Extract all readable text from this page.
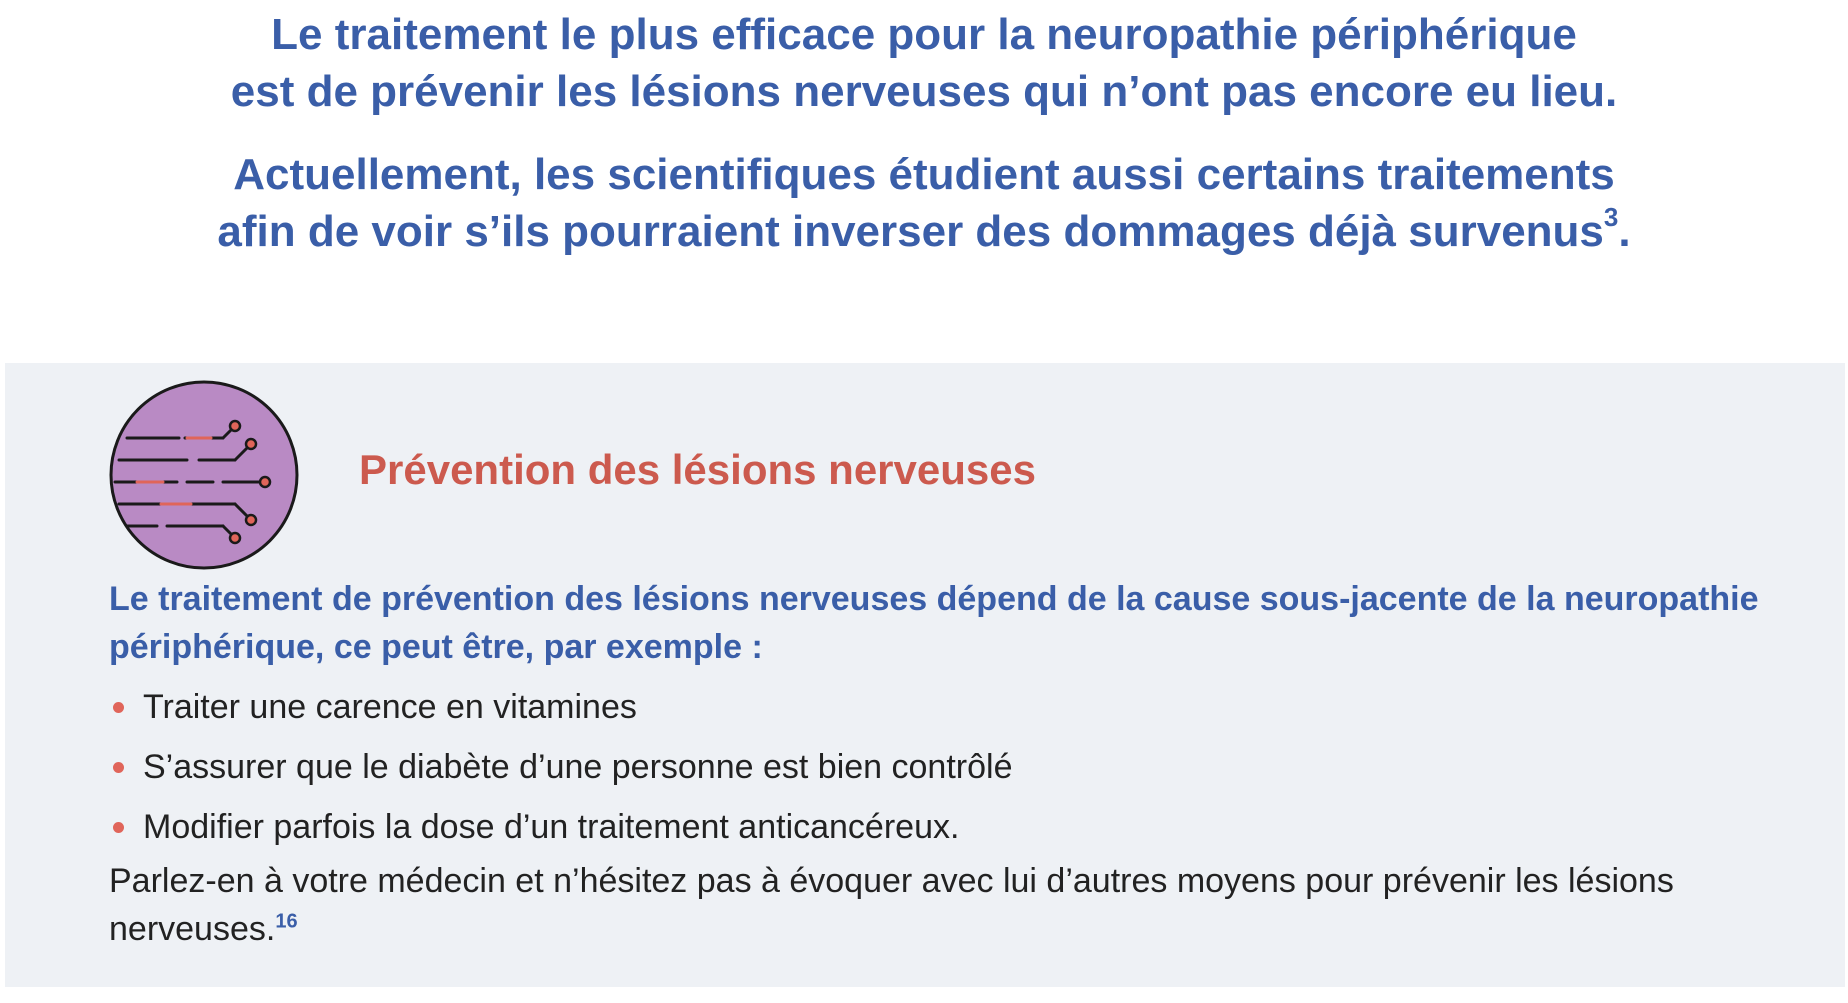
Le traitement le plus efficace pour la neuropathie périphérique
est de prévenir les lésions nerveuses qui n’ont pas encore eu lieu.

Actuellement, les scientifiques étudient aussi certains traitements
afin de voir s’ils pourraient inverser des dommages déjà survenus$^3$.

Prévention des lésions nerveuses

Le traitement de prévention des lésions nerveuses dépend de la cause sous-jacente de la neuropathie périphérique, ce peut être, par exemple :

Traiter une carence en vitamines
S’assurer que le diabète d’une personne est bien contrôlé
Modifier parfois la dose d’un traitement anticancéreux.

Parlez-en à votre médecin et n’hésitez pas à évoquer avec lui d’autres moyens pour prévenir les lésions nerveuses.$^{16}$
